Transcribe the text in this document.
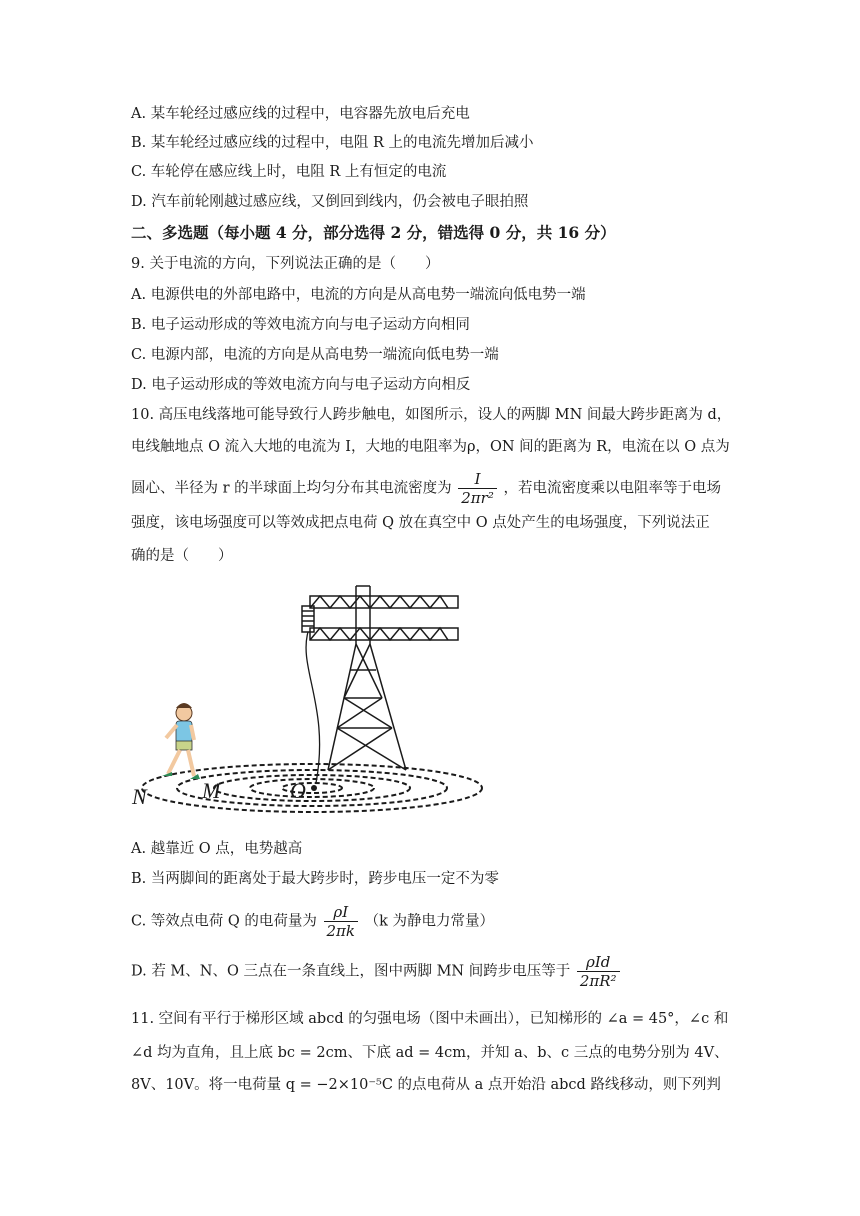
A. 某车轮经过感应线的过程中，电容器先放电后充电
B. 某车轮经过感应线的过程中，电阻 R 上的电流先增加后减小
C. 车轮停在感应线上时，电阻 R 上有恒定的电流
D. 汽车前轮刚越过感应线，又倒回到线内，仍会被电子眼拍照
二、多选题（每小题 4 分，部分选得 2 分，错选得 0 分，共 16 分）
9. 关于电流的方向，下列说法正确的是（　　）
A. 电源供电的外部电路中，电流的方向是从高电势一端流向低电势一端
B. 电子运动形成的等效电流方向与电子运动方向相同
C. 电源内部，电流的方向是从高电势一端流向低电势一端
D. 电子运动形成的等效电流方向与电子运动方向相反
10. 高压电线落地可能导致行人跨步触电，如图所示，设人的两脚 MN 间最大跨步距离为 d，
电线触地点 O 流入大地的电流为 I，大地的电阻率为ρ，ON 间的距离为 R，电流在以 O 点为
圆心、半径为 r 的半球面上均匀分布其电流密度为 $\frac{I}{\text{2πr²}}$ ，若电流密度乘以电阻率等于电场
强度，该电场强度可以等效成把点电荷 Q 放在真空中 O 点处产生的电场强度，下列说法正
确的是（　　）
N	M	O
A. 越靠近 O 点，电势越高
B. 当两脚间的距离处于最大跨步时，跨步电压一定不为零
C. 等效点电荷 Q 的电荷量为 $\frac{\rho I}{2\pi k} (k$ 为静电力常量）
D. 若 M、N、O 三点在一条直线上，图中两脚 MN 间跨步电压等于 $\frac{\text{ρId}}{\text{2πR²}}$
11. 空间有平行于梯形区域 abcd 的匀强电场（图中未画出），已知梯形的 ∠a = 45°，∠c 和
∠d 均为直角，且上底 bc = 2cm、下底 ad = 4cm，并知 a、b、c 三点的电势分别为 4V、
8V、10V。将一电荷量 q = −2×10⁻⁵C 的点电荷从 a 点开始沿 abcd 路线移动，则下列判
